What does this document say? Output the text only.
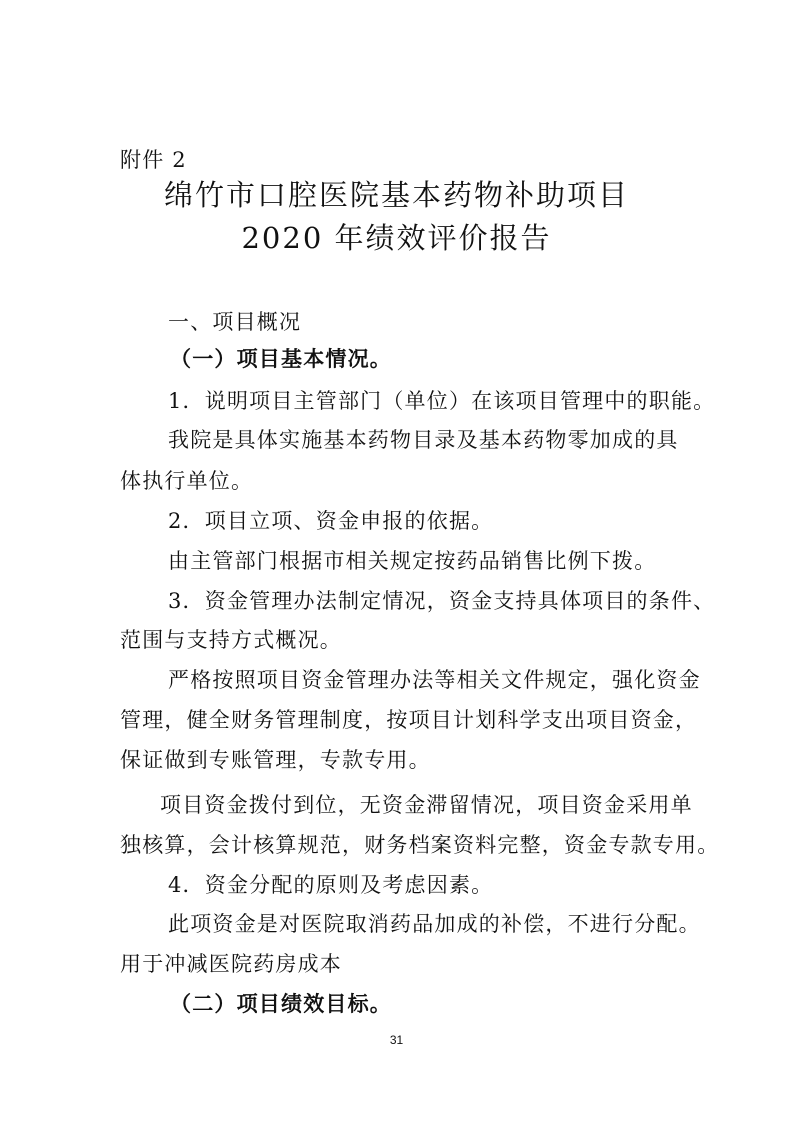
附件 2
绵竹市口腔医院基本药物补助项目
2020 年绩效评价报告
一、项目概况
（一）项目基本情况。
1．说明项目主管部门（单位）在该项目管理中的职能。
我院是具体实施基本药物目录及基本药物零加成的具
体执行单位。
2．项目立项、资金申报的依据。
由主管部门根据市相关规定按药品销售比例下拨。
3．资金管理办法制定情况，资金支持具体项目的条件、
范围与支持方式概况。
严格按照项目资金管理办法等相关文件规定，强化资金
管理，健全财务管理制度，按项目计划科学支出项目资金，
保证做到专账管理，专款专用。
项目资金拨付到位，无资金滞留情况，项目资金采用单
独核算，会计核算规范，财务档案资料完整，资金专款专用。
4．资金分配的原则及考虑因素。
此项资金是对医院取消药品加成的补偿，不进行分配。
用于冲减医院药房成本
（二）项目绩效目标。
31
